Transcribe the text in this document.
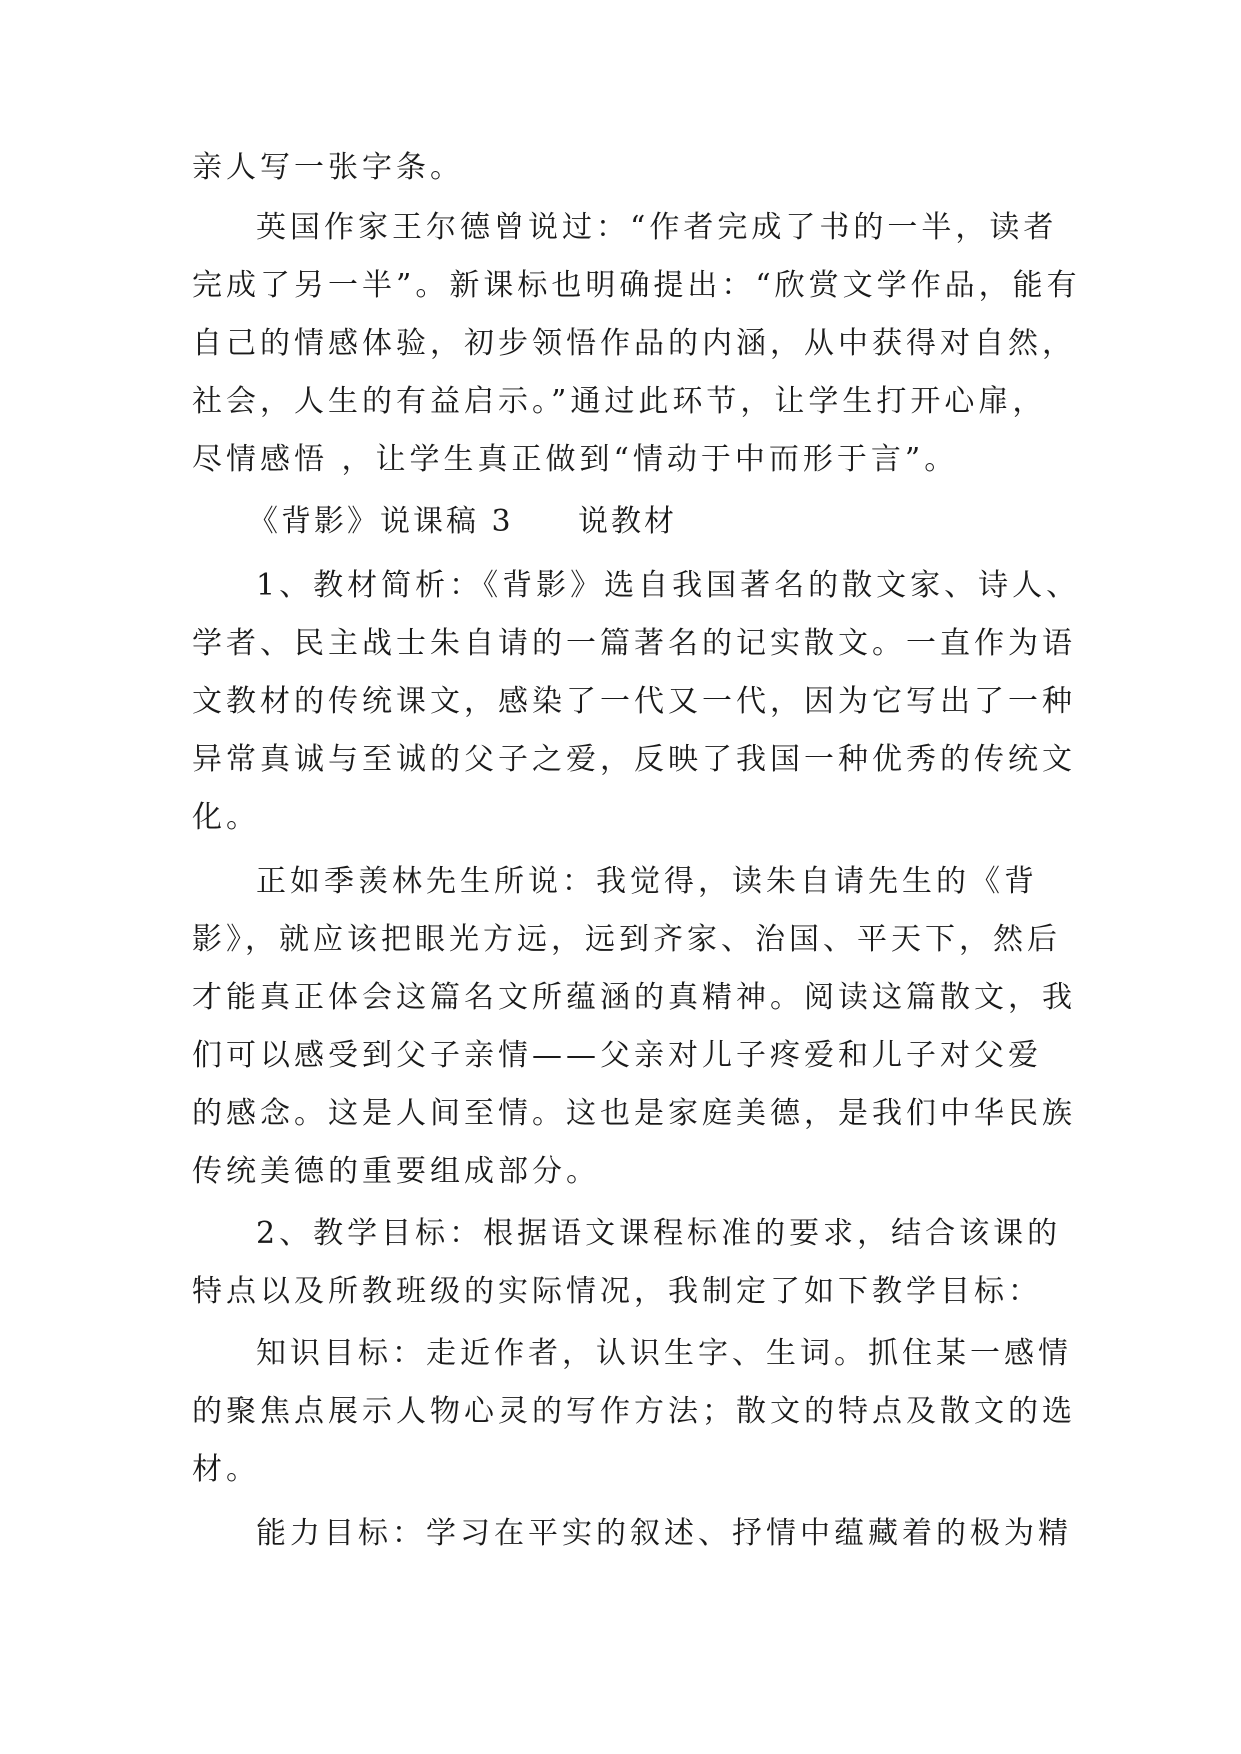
亲人写一张字条。
英国作家王尔德曾说过：“作者完成了书的一半，读者
完成了另一半”。新课标也明确提出：“欣赏文学作品，能有
自己的情感体验，初步领悟作品的内涵，从中获得对自然，
社会，人生的有益启示。”通过此环节，让学生打开心扉，
尽情感悟 ，让学生真正做到“情动于中而形于言”。
《背影》说课稿 3 说教材
1、教材简析：《背影》选自我国著名的散文家、诗人、
学者、民主战士朱自请的一篇著名的记实散文。一直作为语
文教材的传统课文，感染了一代又一代，因为它写出了一种
异常真诚与至诚的父子之爱，反映了我国一种优秀的传统文
化。
正如季羡林先生所说：我觉得，读朱自请先生的《背
影》，就应该把眼光方远，远到齐家、治国、平天下，然后
才能真正体会这篇名文所蕴涵的真精神。阅读这篇散文，我
们可以感受到父子亲情——父亲对儿子疼爱和儿子对父爱
的感念。这是人间至情。这也是家庭美德，是我们中华民族
传统美德的重要组成部分。
2、教学目标：根据语文课程标准的要求，结合该课的
特点以及所教班级的实际情况，我制定了如下教学目标：
知识目标：走近作者，认识生字、生词。抓住某一感情
的聚焦点展示人物心灵的写作方法；散文的特点及散文的选
材。
能力目标：学习在平实的叙述、抒情中蕴藏着的极为精
